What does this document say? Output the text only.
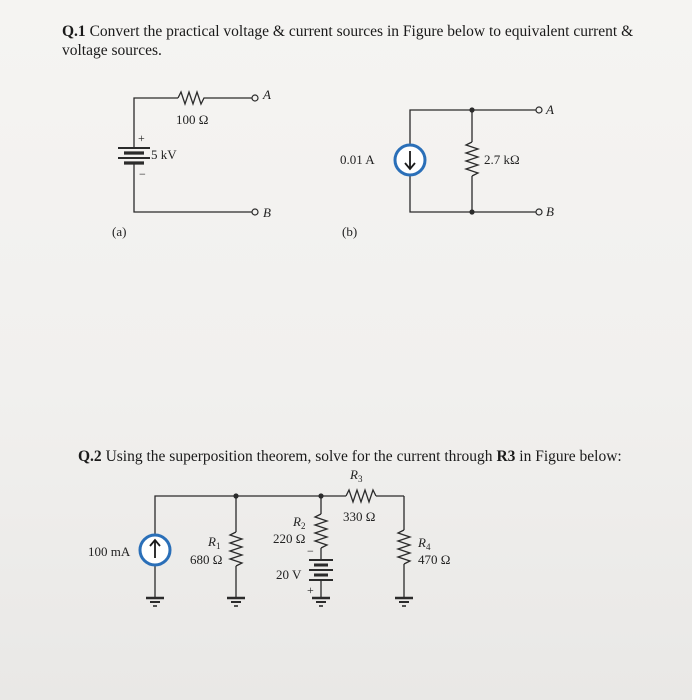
Q.1 Convert the practical voltage & current sources in Figure below to equivalent current &
voltage sources.
Q.2 Using the superposition theorem, solve for the current through R3 in Figure below:
100 Ω
5 kV
+
−
A
B
(a)
0.01 A	2.7 kΩ
A
B
(b)
100 mA
$R_1$
680 Ω
$R_2$
220 Ω
$R_3$
330 Ω
$R_4$
470 Ω
20 V
−
+
